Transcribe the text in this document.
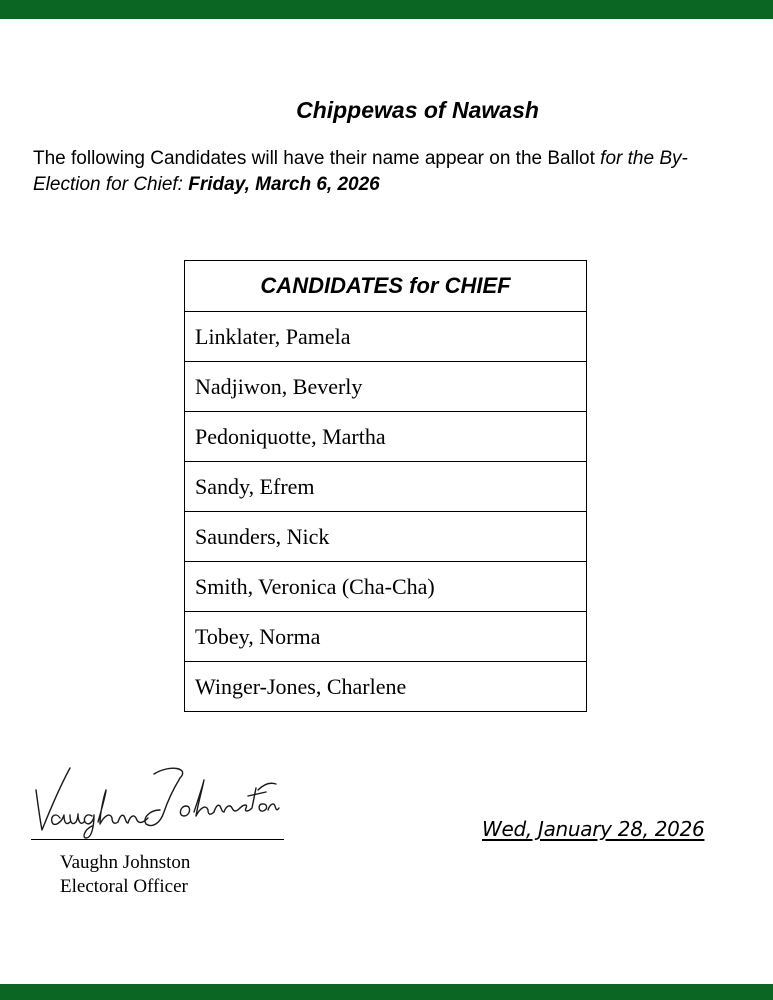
Chippewas of Nawash

The following Candidates will have their name appear on the Ballot for the By-Election for Chief: Friday, March 6, 2026

CANDIDATES for CHIEF
Linklater, Pamela
Nadjiwon, Beverly
Pedoniquotte, Martha
Sandy, Efrem
Saunders, Nick
Smith, Veronica (Cha-Cha)
Tobey, Norma
Winger-Jones, Charlene
Vaughn Johnston
Electoral Officer
Wed, January 28, 2026
